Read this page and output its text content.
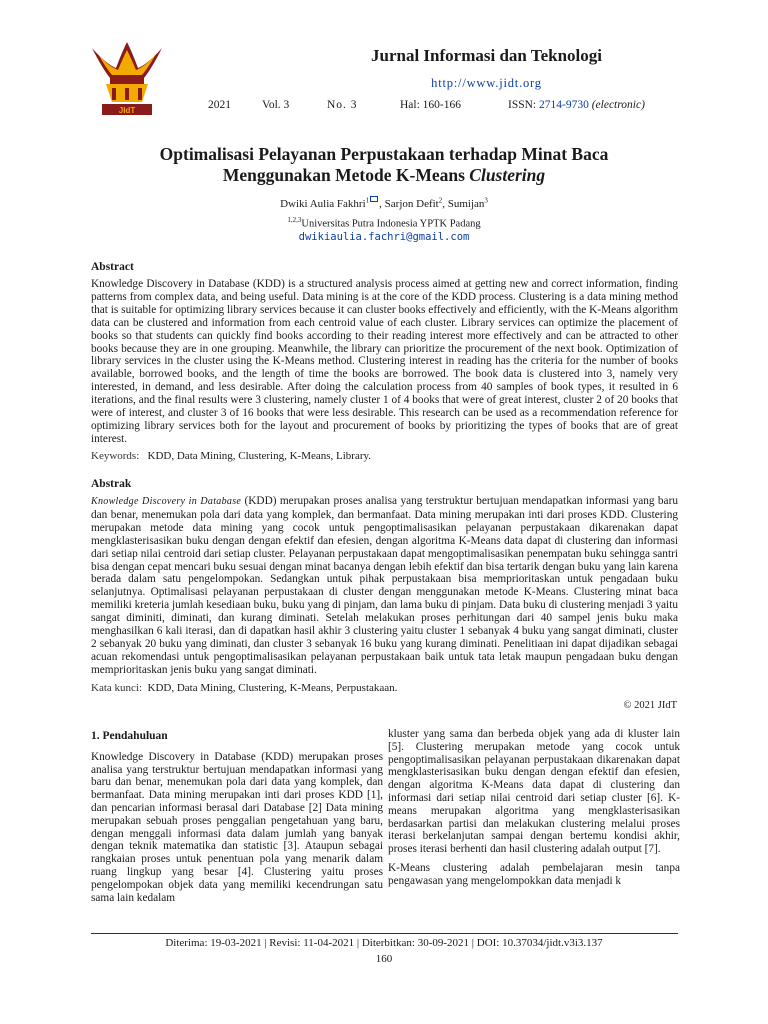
JIdT
Jurnal Informasi dan Teknologi
http://www.jidt.org
2021	Vol. 3	No. 3	Hal: 160-166	ISSN: 2714-9730 (electronic)
Optimalisasi Pelayanan Perpustakaan terhadap Minat Baca
Menggunakan Metode K-Means Clustering
Dwiki Aulia Fakhri$^1$ , Sarjon Defit$^2$, Sumijan$^3$
$^{1,2,3}$Universitas Putra Indonesia YPTK Padang
dwikiaulia.fachri@gmail.com
Abstract
Knowledge Discovery in Database (KDD) is a structured analysis process aimed at getting new and correct information, finding patterns from complex data, and being useful. Data mining is at the core of the KDD process. Clustering is a data mining method that is suitable for optimizing library services because it can cluster books effectively and efficiently, with the K-Means algorithm data can be clustered and information from each centroid value of each cluster. Library services can optimize the placement of books so that students can quickly find books according to their reading interest more effectively and can be attracted to other books because they are in one grouping. Meanwhile, the library can prioritize the procurement of the next book. Optimization of library services in the cluster using the K-Means method. Clustering interest in reading has the criteria for the number of books available, borrowed books, and the length of time the books are borrowed. The book data is clustered into 3, namely very interested, in demand, and less desirable. After doing the calculation process from 40 samples of book types, it resulted in 6 iterations, and the final results were 3 clustering, namely cluster 1 of 4 books that were of great interest, cluster 2 of 20 books that were of interest, and cluster 3 of 16 books that were less desirable. This research can be used as a recommendation reference for optimizing library services both for the layout and procurement of books by prioritizing the types of books that are of great interest.
Keywords: KDD, Data Mining, Clustering, K-Means, Library.
Abstrak
Knowledge Discovery in Database (KDD) merupakan proses analisa yang terstruktur bertujuan mendapatkan informasi yang baru dan benar, menemukan pola dari data yang komplek, dan bermanfaat. Data mining merupakan inti dari proses KDD. Clustering merupakan metode data mining yang cocok untuk pengoptimalisasikan pelayanan perpustakaan dikarenakan dapat mengklasterisasikan buku dengan dengan efektif dan efesien, dengan algoritma K-Means data dapat di clustering dan informasi dari setiap nilai centroid dari setiap cluster. Pelayanan perpustakaan dapat mengoptimalisasikan penempatan buku sehingga santri bisa dengan cepat mencari buku sesuai dengan minat bacanya dengan lebih efektif dan bisa tertarik dengan buku yang lain karena berada dalam satu pengelompokan. Sedangkan untuk pihak perpustakaan bisa memprioritaskan untuk pengadaan buku selanjutnya. Optimalisasi pelayanan perpustakaan di cluster dengan menggunakan metode K-Means. Clustering minat baca memiliki kreteria jumlah kesediaan buku, buku yang di pinjam, dan lama buku di pinjam. Data buku di clustering menjadi 3 yaitu sangat diminiti, diminati, dan kurang diminati. Setelah melakukan proses perhitungan dari 40 sampel jenis buku maka menghasilkan 6 kali iterasi, dan di dapatkan hasil akhir 3 clustering yaitu cluster 1 sebanyak 4 buku yang sangat diminati, cluster 2 sebanyak 20 buku yang diminati, dan cluster 3 sebanyak 16 buku yang kurang diminati. Penelitiaan ini dapat dijadikan sebagai acuan rekomendasi untuk pengoptimalisasikan pelayanan perpustakaan baik untuk tata letak maupun pengadaan buku dengan memprioritaskan jenis buku yang sangat diminati.
Kata kunci: KDD, Data Mining, Clustering, K-Means, Perpustakaan.
© 2021 JIdT
1. Pendahuluan

Knowledge Discovery in Database (KDD) merupakan proses analisa yang terstruktur bertujuan mendapatkan informasi yang baru dan benar, menemukan pola dari data yang komplek, dan bermanfaat. Data mining merupakan inti dari proses KDD [1], dan pencarian informasi berasal dari Database [2] Data mining merupakan sebuah proses penggalian pengetahuan yang baru, dengan menggali informasi data dalam jumlah yang banyak dengan teknik matematika dan statistic [3]. Ataupun sebagai rangkaian proses untuk penentuan pola yang menarik dalam ruang lingkup yang besar [4]. Clustering yaitu proses pengelompokan objek data yang memiliki kecendrungan satu sama lain kedalam

kluster yang sama dan berbeda objek yang ada di kluster lain [5]. Clustering merupakan metode yang cocok untuk pengoptimalisasikan pelayanan perpustakaan dikarenakan dapat mengklasterisasikan buku dengan dengan efektif dan efesien, dengan algoritma K-Means data dapat di clustering dan informasi dari setiap nilai centroid dari setiap cluster [6]. K-means merupakan algoritma yang mengklasterisasikan berdasarkan partisi dan melakukan clustering melalui proses iterasi berkelanjutan sampai dengan bertemu kondisi akhir, proses iterasi berhenti dan hasil clustering adalah output [7].

K-Means clustering adalah pembelajaran mesin tanpa pengawasan yang mengelompokkan data menjadi k

Diterima: 19-03-2021 | Revisi: 11-04-2021 | Diterbitkan: 30-09-2021 | DOI: 10.37034/jidt.v3i3.137
160
